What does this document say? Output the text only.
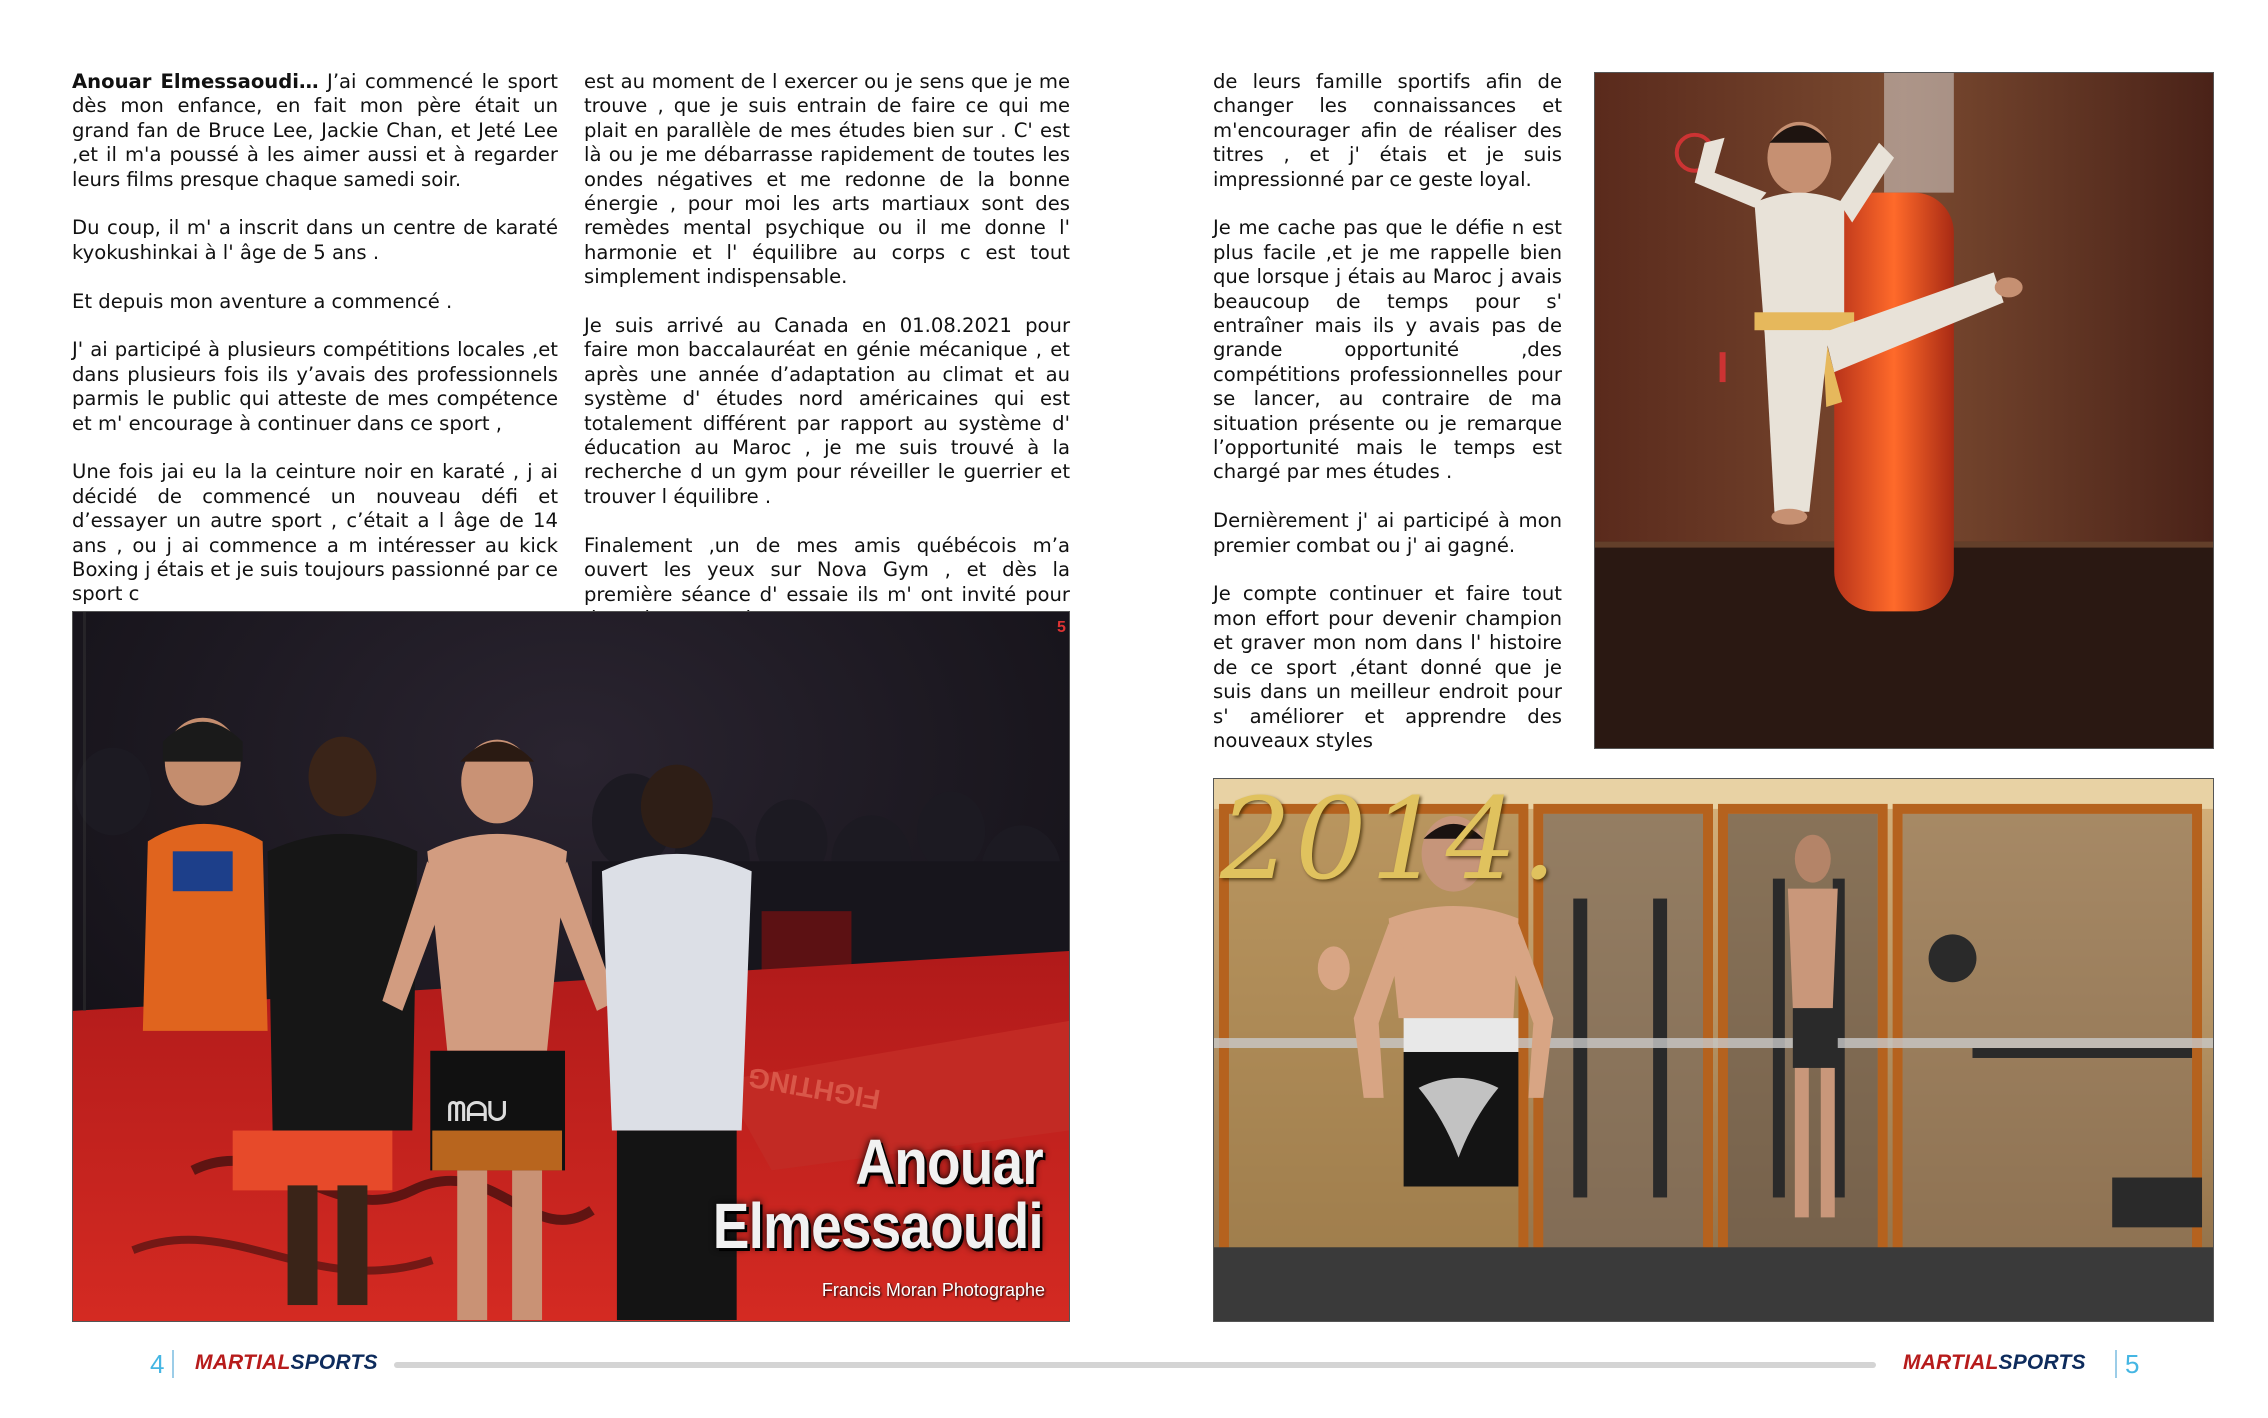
Anouar Elmessaoudi… J’ai commencé le sport dès mon enfance, en fait mon père était un grand fan de Bruce Lee, Jackie Chan, et Jeté Lee ,et il m'a poussé à les aimer aussi et à regarder leurs films presque chaque samedi soir.

Du coup, il m' a inscrit dans un centre de karaté kyokushinkai à l' âge de 5 ans .

Et depuis mon aventure a commencé .

J' ai participé à plusieurs compétitions locales ,et dans plusieurs fois ils y’avais des professionnels parmis le public qui atteste de mes compétence et m' encourage à continuer dans ce sport ,

Une fois jai eu la la ceinture noir en karaté , j ai décidé de commencé un nouveau défi et d’essayer un autre sport , c’était a l âge de 14 ans , ou j ai commence a m intéresser au kick Boxing j étais et je suis toujours passionné par ce sport c

est au moment de l exercer ou je sens que je me trouve , que je suis entrain de faire ce qui me plait en parallèle de mes études bien sur . C' est là ou je me débarrasse rapidement de toutes les ondes négatives et me redonne de la bonne énergie , pour moi les arts martiaux sont des remèdes mental psychique ou il me donne l' harmonie et l' équilibre au corps c est tout simplement indispensable.

Je suis arrivé au Canada en 01.08.2021 pour faire mon baccalauréat en génie mécanique , et après une année d’adaptation au climat et au système d' études nord américaines qui est totalement différent par rapport au système d' éducation au Maroc , je me suis trouvé à la recherche d un gym pour réveiller le guerrier et trouver l équilibre .

Finalement ,un de mes amis québécois m’a ouvert les yeux sur Nova Gym , et dès la première séance d' essaie ils m' ont invité pour

de leurs famille sportifs afin de changer les connaissances et m'encourager afin de réaliser des titres , et j' étais et je suis impressionné par ce geste loyal.

Je me cache pas que le défie n est plus facile ,et je me rappelle bien que lorsque j étais au Maroc j avais beaucoup de temps pour s' entraîner mais ils y avais pas de grande opportunité ,des compétitions professionnelles pour se lancer, au contraire de ma situation présente ou je remarque l’opportunité mais le temps est chargé par mes études .

Dernièrement j' ai participé à mon premier combat ou j' ai gagné.

Je compte continuer et faire tout mon effort pour devenir champion et graver mon nom dans l' histoire de ce sport ,étant donné que je suis dans un meilleur endroit pour s' améliorer et apprendre des nouveaux styles

FIGHTING
ᗰᗩᑌ
5
Anouar
Elmessaoudi
Francis Moran Photographe
2014.
4 MARTIALSPORTS	MARTIALSPORTS 5
